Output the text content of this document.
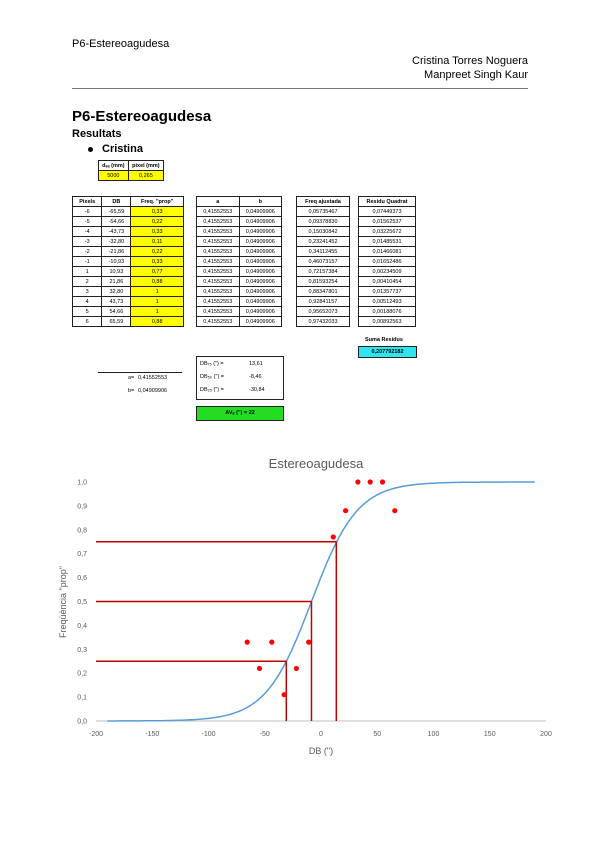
P6-Estereoagudesa
Cristina Torres Noguera
Manpreet Singh Kaur
P6-Estereoagudesa
Resultats
Cristina
dₔₐ (mm)	pixel (mm)
5000	0,265
Pixels	DB	Freq. "prop"
-6	-65,59	0,33
-5	-54,66	0,22
-4	-43,73	0,33
-3	-32,80	0,11
-2	-21,86	0,22
-1	-10,93	0,33
1	10,93	0,77
2	21,86	0,88
3	32,80	1
4	43,73	1
5	54,66	1
6	65,59	0,88
a	b
0,41552553	0,04909906
0,41552553	0,04909906
0,41552553	0,04909906
0,41552553	0,04909906
0,41552553	0,04909906
0,41552553	0,04909906
0,41552553	0,04909906
0,41552553	0,04909906
0,41552553	0,04909906
0,41552553	0,04909906
0,41552553	0,04909906
0,41552553	0,04909906
Freq ajustada
0,05735467
0,09378830
0,15030842
0,23241452
0,34112455
0,46073157
0,72157384
0,81593254
0,88347801
0,92841157
0,95652073
0,97432033
Residu Quadrat
0,07449373
0,01562537
0,03225672
0,01485531
0,01466081
0,01652486
0,00234509
0,00410454
0,01357737
0,00512493
0,00188076
0,00892563
Suma Residus
0,207792182
DB₇₅ (") =	13,61
DB₅₀ (") =	-8,46
DB₂₅ (") =	-30,84
a= 0,41552553
b= 0,04909906
AVₐ (") = 22
Estereoagudesa
-200	-150	-100	-50	0	50	100	150	200
0,0
0,1
0,2
0,3
0,4
0,5
0,6
0,7
0,8
0,9
1,0
DB (")
Freqüència "prop"
